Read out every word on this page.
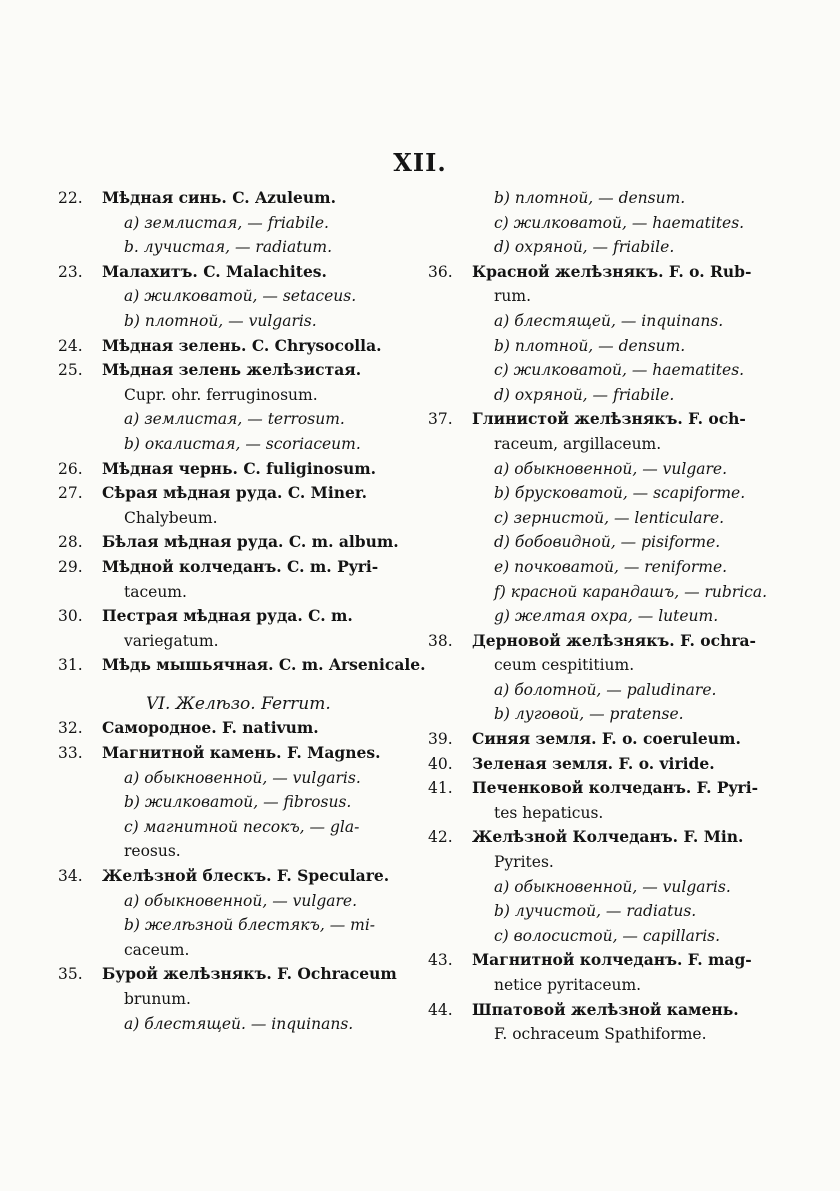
XII.
22.	Мѣдная синь. C. Azuleum.
a) землистая, — friabile.
b. лучистая, — radiatum.
23.	Малахитъ. C. Malachites.
a) жилковатой, — setaceus.
b) плотной, — vulgaris.
24.	Мѣдная зелень. C. Chrysocolla.
25.	Мѣдная зелень желѣзистая.
Cupr. ohr. ferruginosum.
a) землистая, — terrosum.
b) окалистая, — scoriaceum.
26.	Мѣдная чернь. C. fuliginosum.
27.	Сѣрая мѣдная руда. C. Miner.
Chalybeum.
28.	Бѣлая мѣдная руда. C. m. album.
29.	Мѣдной колчеданъ. C. m. Pyri-
taceum.
30.	Пестрая мѣдная руда. C. m.
variegatum.
31.	Мѣдь мышьячная. C. m. Arsenicale.
VI. Желѣзо. Ferrum.
32.	Самородное. F. nativum.
33.	Магнитной камень. F. Magnes.
a) обыкновенной, — vulgaris.
b) жилковатой, — fibrosus.
c) магнитной песокъ, — gla-
reosus.
34.	Желѣзной блескъ. F. Speculare.
a) обыкновенной, — vulgare.
b) желѣзной блестякъ, — mi-
caceum.
35.	Бурой желѣзнякъ. F. Ochraceum
brunum.
a) блестящей. — inquinans.
b) плотной, — densum.
c) жилковатой, — haematites.
d) охряной, — friabile.
36.	Красной желѣзнякъ. F. o. Rub-
rum.
a) блестящей, — inquinans.
b) плотной, — densum.
c) жилковатой, — haematites.
d) охряной, — friabile.
37.	Глинистой желѣзнякъ. F. och-
raceum, argillaceum.
a) обыкновенной, — vulgare.
b) брусковатой, — scapiforme.
c) зернистой, — lenticulare.
d) бобовидной, — pisiforme.
e) почковатой, — reniforme.
f) красной карандашъ, — rubrica.
g) желтая охра, — luteum.
38.	Дерновой желѣзнякъ. F. ochra-
ceum cespititium.
a) болотной, — paludinare.
b) луговой, — pratense.
39.	Синяя земля. F. o. coeruleum.
40.	Зеленая земля. F. o. viride.
41.	Печенковой колчеданъ. F. Pyri-
tes hepaticus.
42.	Желѣзной Колчеданъ. F. Min.
Pyrites.
a) обыкновенной, — vulgaris.
b) лучистой, — radiatus.
c) волосистой, — capillaris.
43.	Магнитной колчеданъ. F. mag-
netice pyritaceum.
44.	Шпатовой желѣзной камень.
F. ochraceum Spathiforme.
